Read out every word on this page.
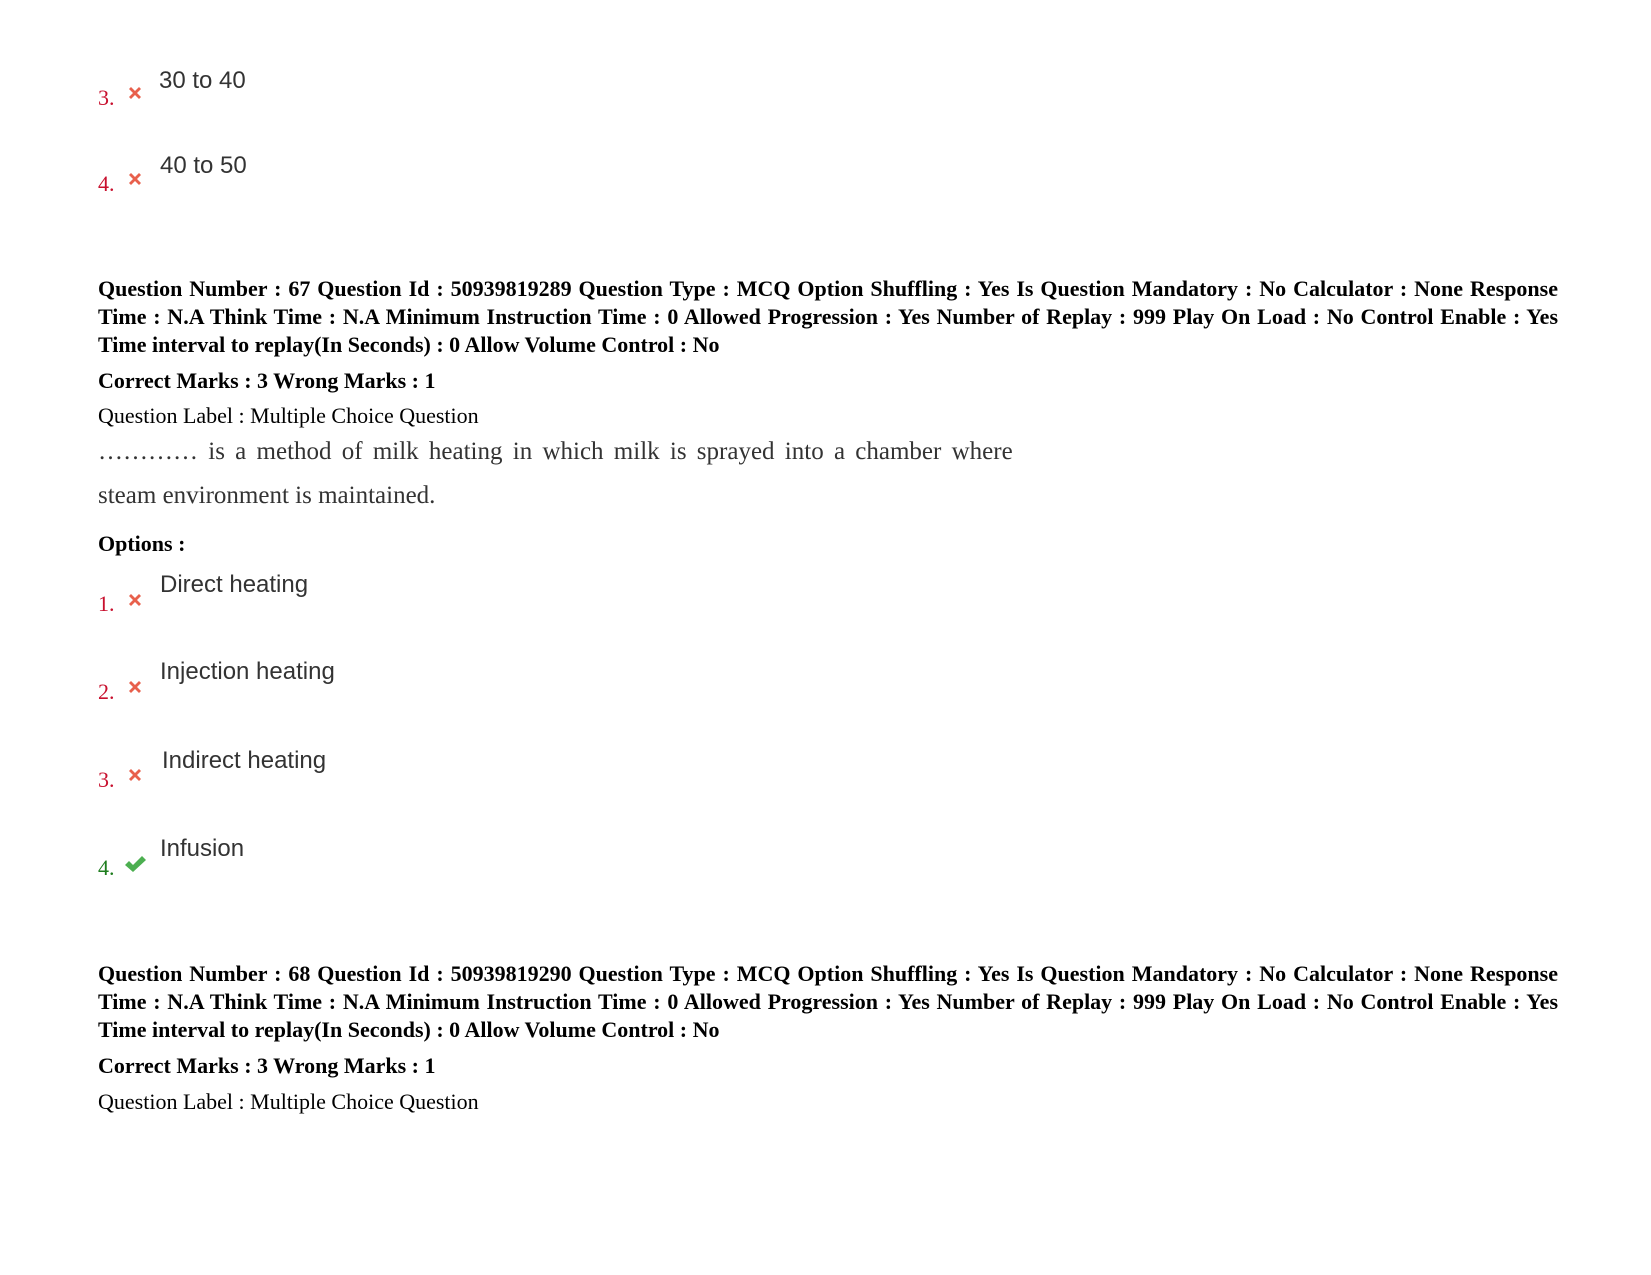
3.
30 to 40
4.
40 to 50
Question Number : 67 Question Id : 50939819289 Question Type : MCQ Option Shuffling : Yes Is Question Mandatory : No Calculator : None Response Time : N.A Think Time : N.A Minimum Instruction Time : 0 Allowed Progression : Yes Number of Replay : 999 Play On Load : No Control Enable : Yes Time interval to replay(In Seconds) : 0 Allow Volume Control : No
Correct Marks : 3 Wrong Marks : 1
Question Label : Multiple Choice Question
………… is a method of milk heating in which milk is sprayed into a chamber where
steam environment is maintained.
Options :
1.
Direct heating
2.
Injection heating
3.
Indirect heating
4.
Infusion
Question Number : 68 Question Id : 50939819290 Question Type : MCQ Option Shuffling : Yes Is Question Mandatory : No Calculator : None Response Time : N.A Think Time : N.A Minimum Instruction Time : 0 Allowed Progression : Yes Number of Replay : 999 Play On Load : No Control Enable : Yes Time interval to replay(In Seconds) : 0 Allow Volume Control : No
Correct Marks : 3 Wrong Marks : 1
Question Label : Multiple Choice Question
